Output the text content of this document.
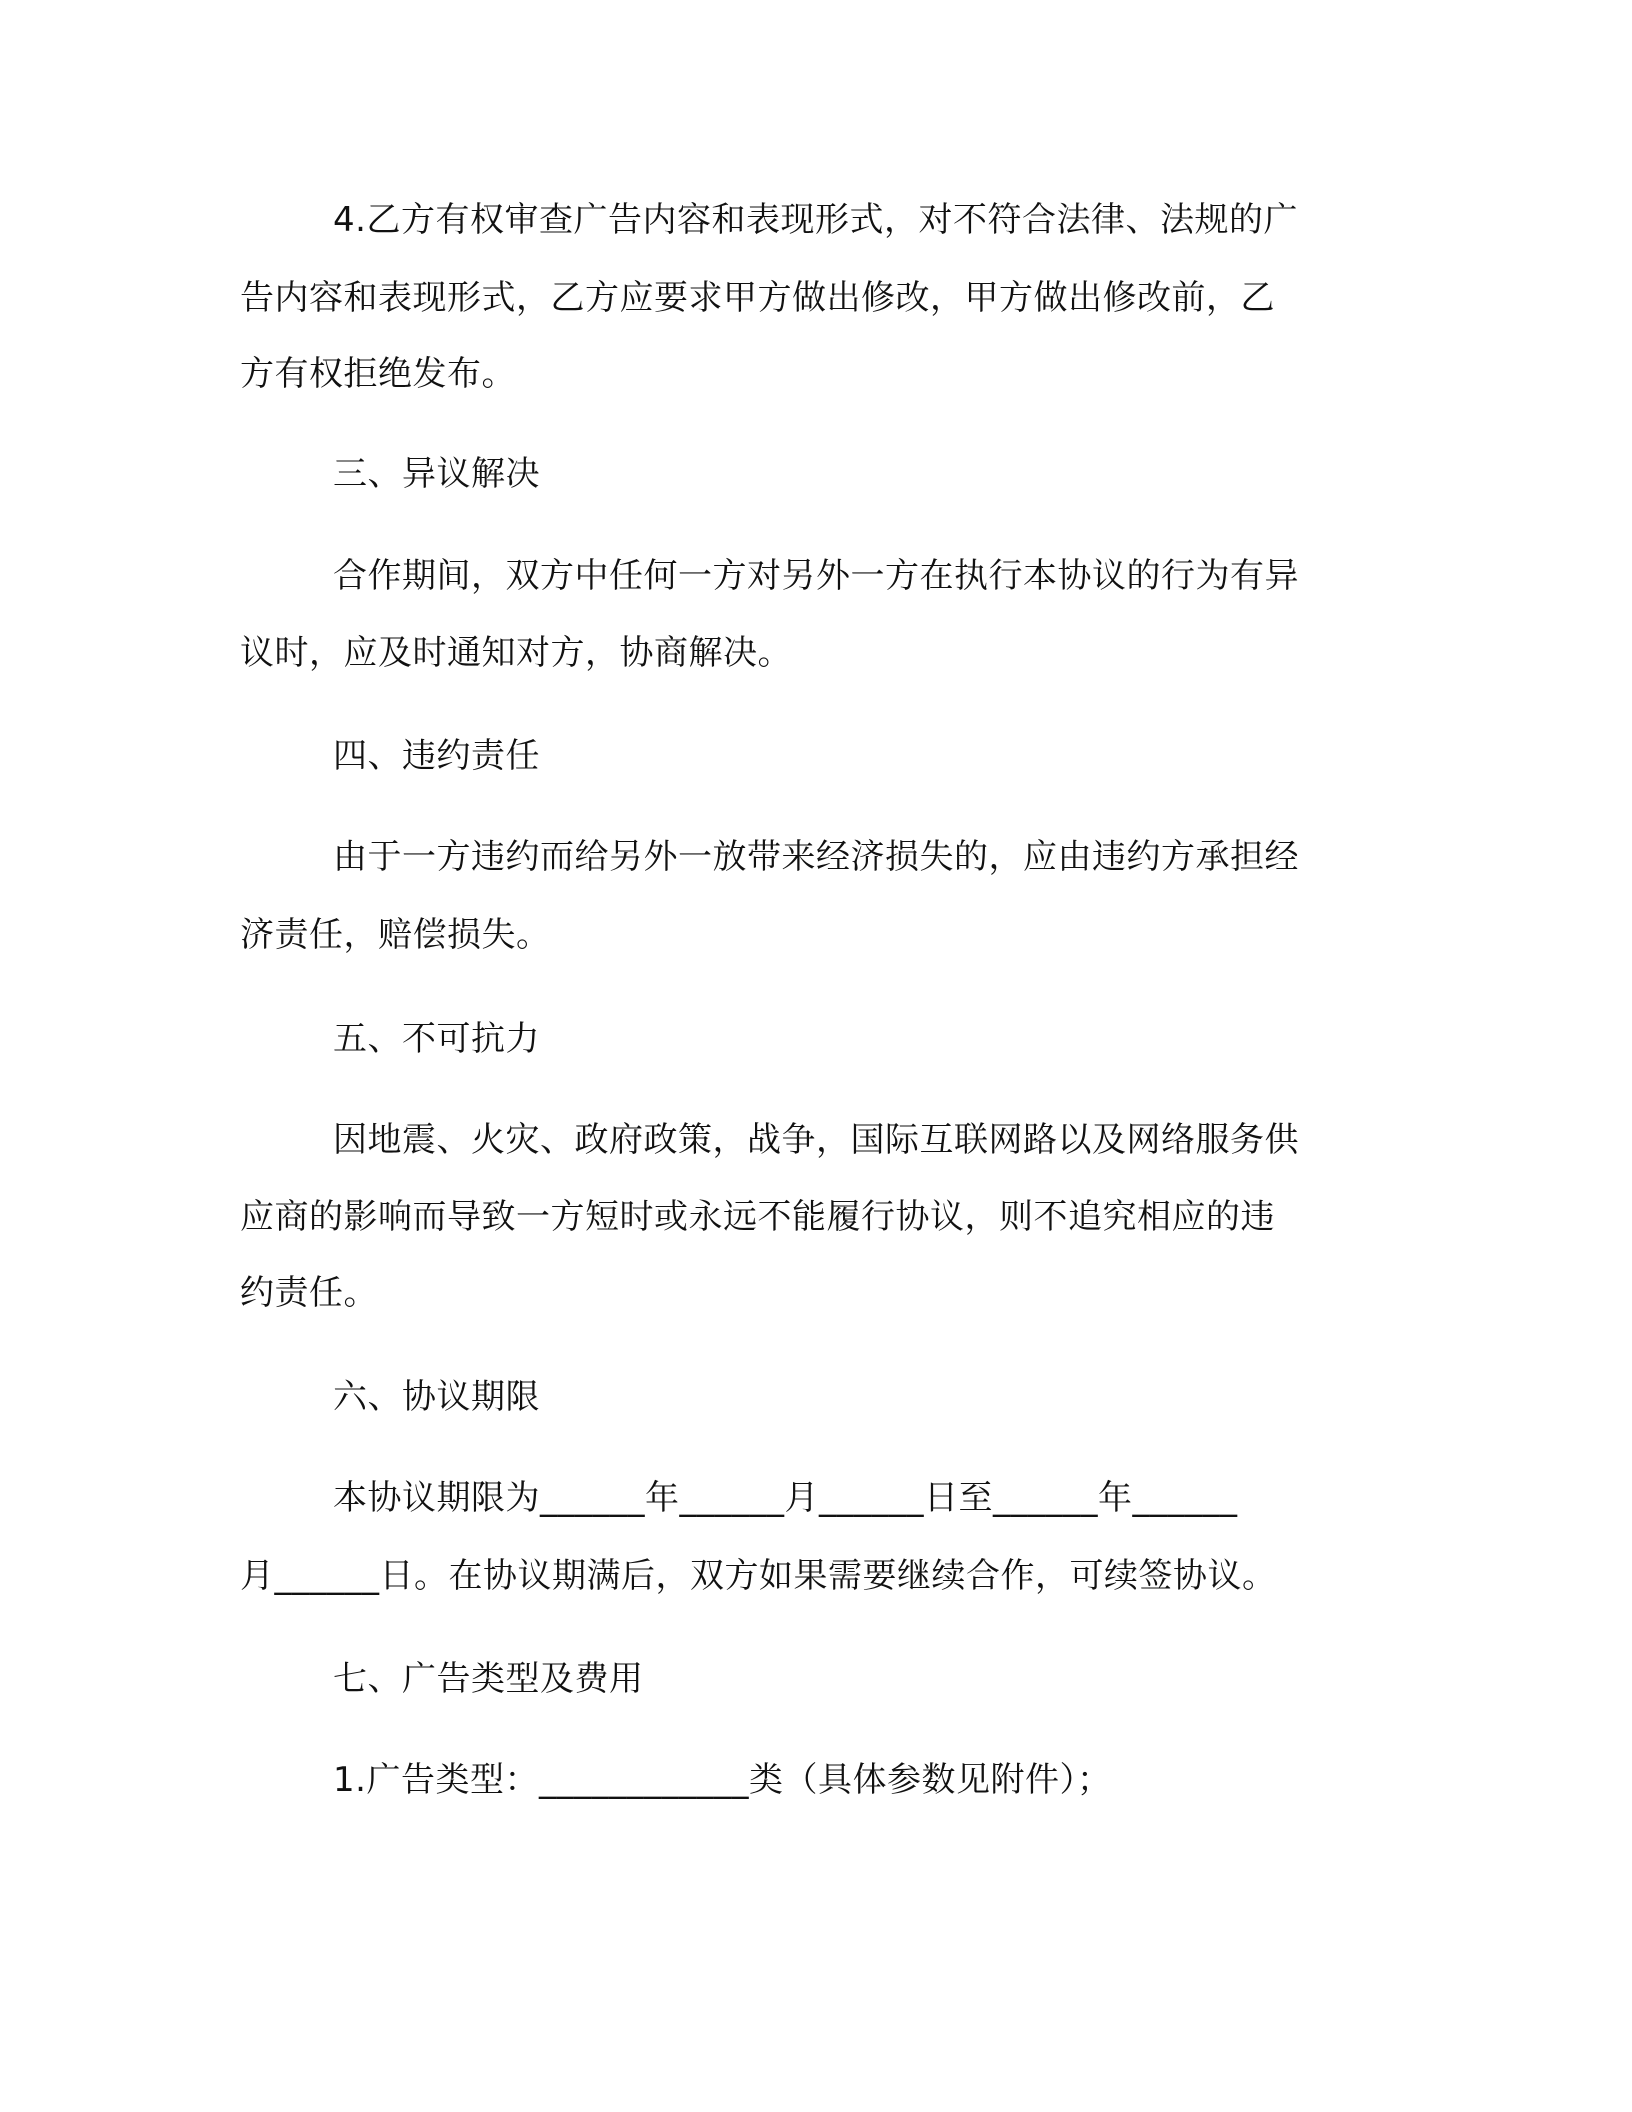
4.乙方有权审查广告内容和表现形式，对不符合法律、法规的广
告内容和表现形式，乙方应要求甲方做出修改，甲方做出修改前，乙
方有权拒绝发布。
三、异议解决
合作期间，双方中任何一方对另外一方在执行本协议的行为有异
议时，应及时通知对方，协商解决。
四、违约责任
由于一方违约而给另外一放带来经济损失的，应由违约方承担经
济责任，赔偿损失。
五、不可抗力
因地震、火灾、政府政策，战争，国际互联网路以及网络服务供
应商的影响而导致一方短时或永远不能履行协议，则不追究相应的违
约责任。
六、协议期限
本协议期限为______年______月______日至______年______
月______日。在协议期满后，双方如果需要继续合作，可续签协议。
七、广告类型及费用
1.广告类型：____________类（具体参数见附件）；
